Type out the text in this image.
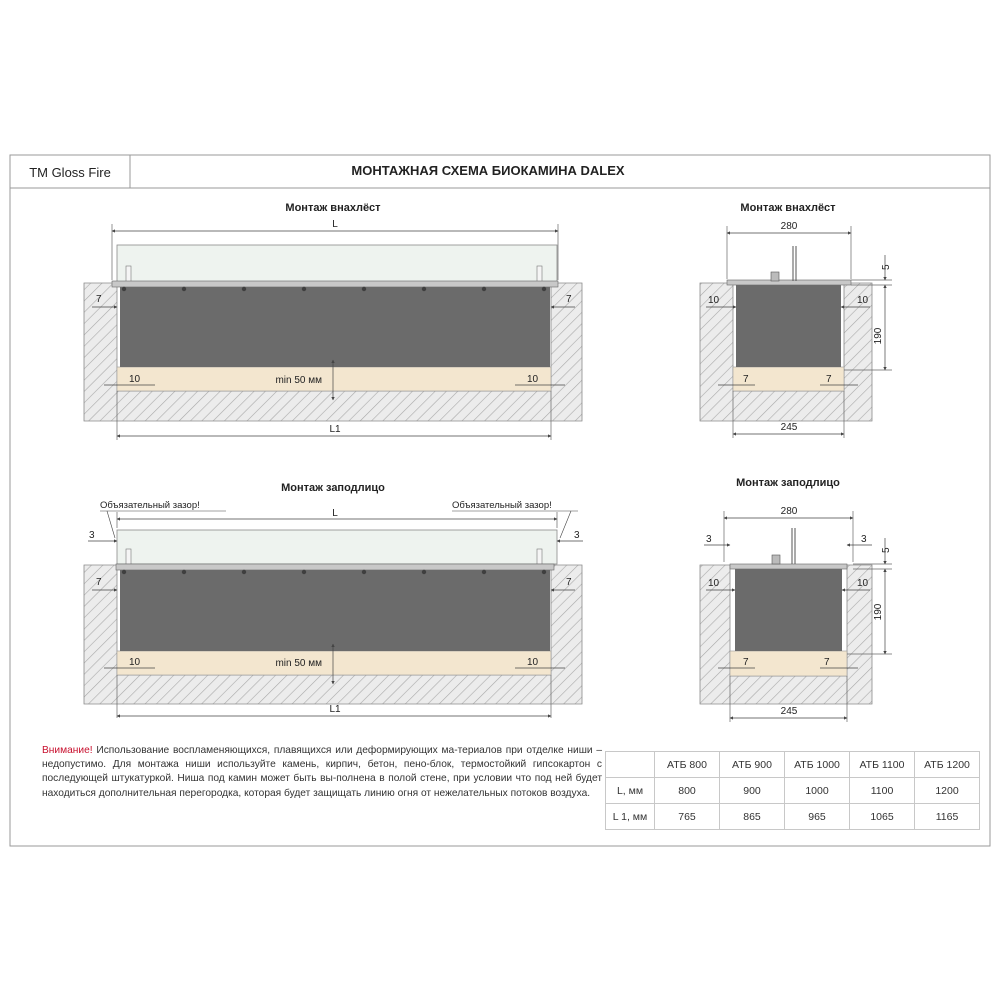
TM Gloss Fire	МОНТАЖНАЯ СХЕМА БИОКАМИНА DALEX
Монтаж внахлёст
L
L1
7	7
10	10
min 50 мм
Монтаж внахлёст
280
245
5
190
10	10
7	7
Монтаж заподлицо
Объязательный зазор!	Объязательный зазор!
L
3	3
L1
7	7
10	10
min 50 мм
Монтаж заподлицо
280
3	3
245
5
190
10	10
7	7
Внимание! Использование воспламеняющихся, плавящихся или деформирующих ма-териалов при отделке ниши – недопустимо. Для монтажа ниши используйте камень, кирпич, бетон, пено-блок, термостойкий гипсокартон с последующей штукатуркой. Ниша под камин может быть вы-полнена в полой стене, при условии что под ней будет находиться дополнительная перегородка, которая будет защищать линию огня от нежелательных потоков воздуха.
	АТБ 800	АТБ 900	АТБ 1000	АТБ 1100	АТБ 1200
L, мм	800	900	1000	1100	1200
L 1, мм	765	865	965	1065	1165
